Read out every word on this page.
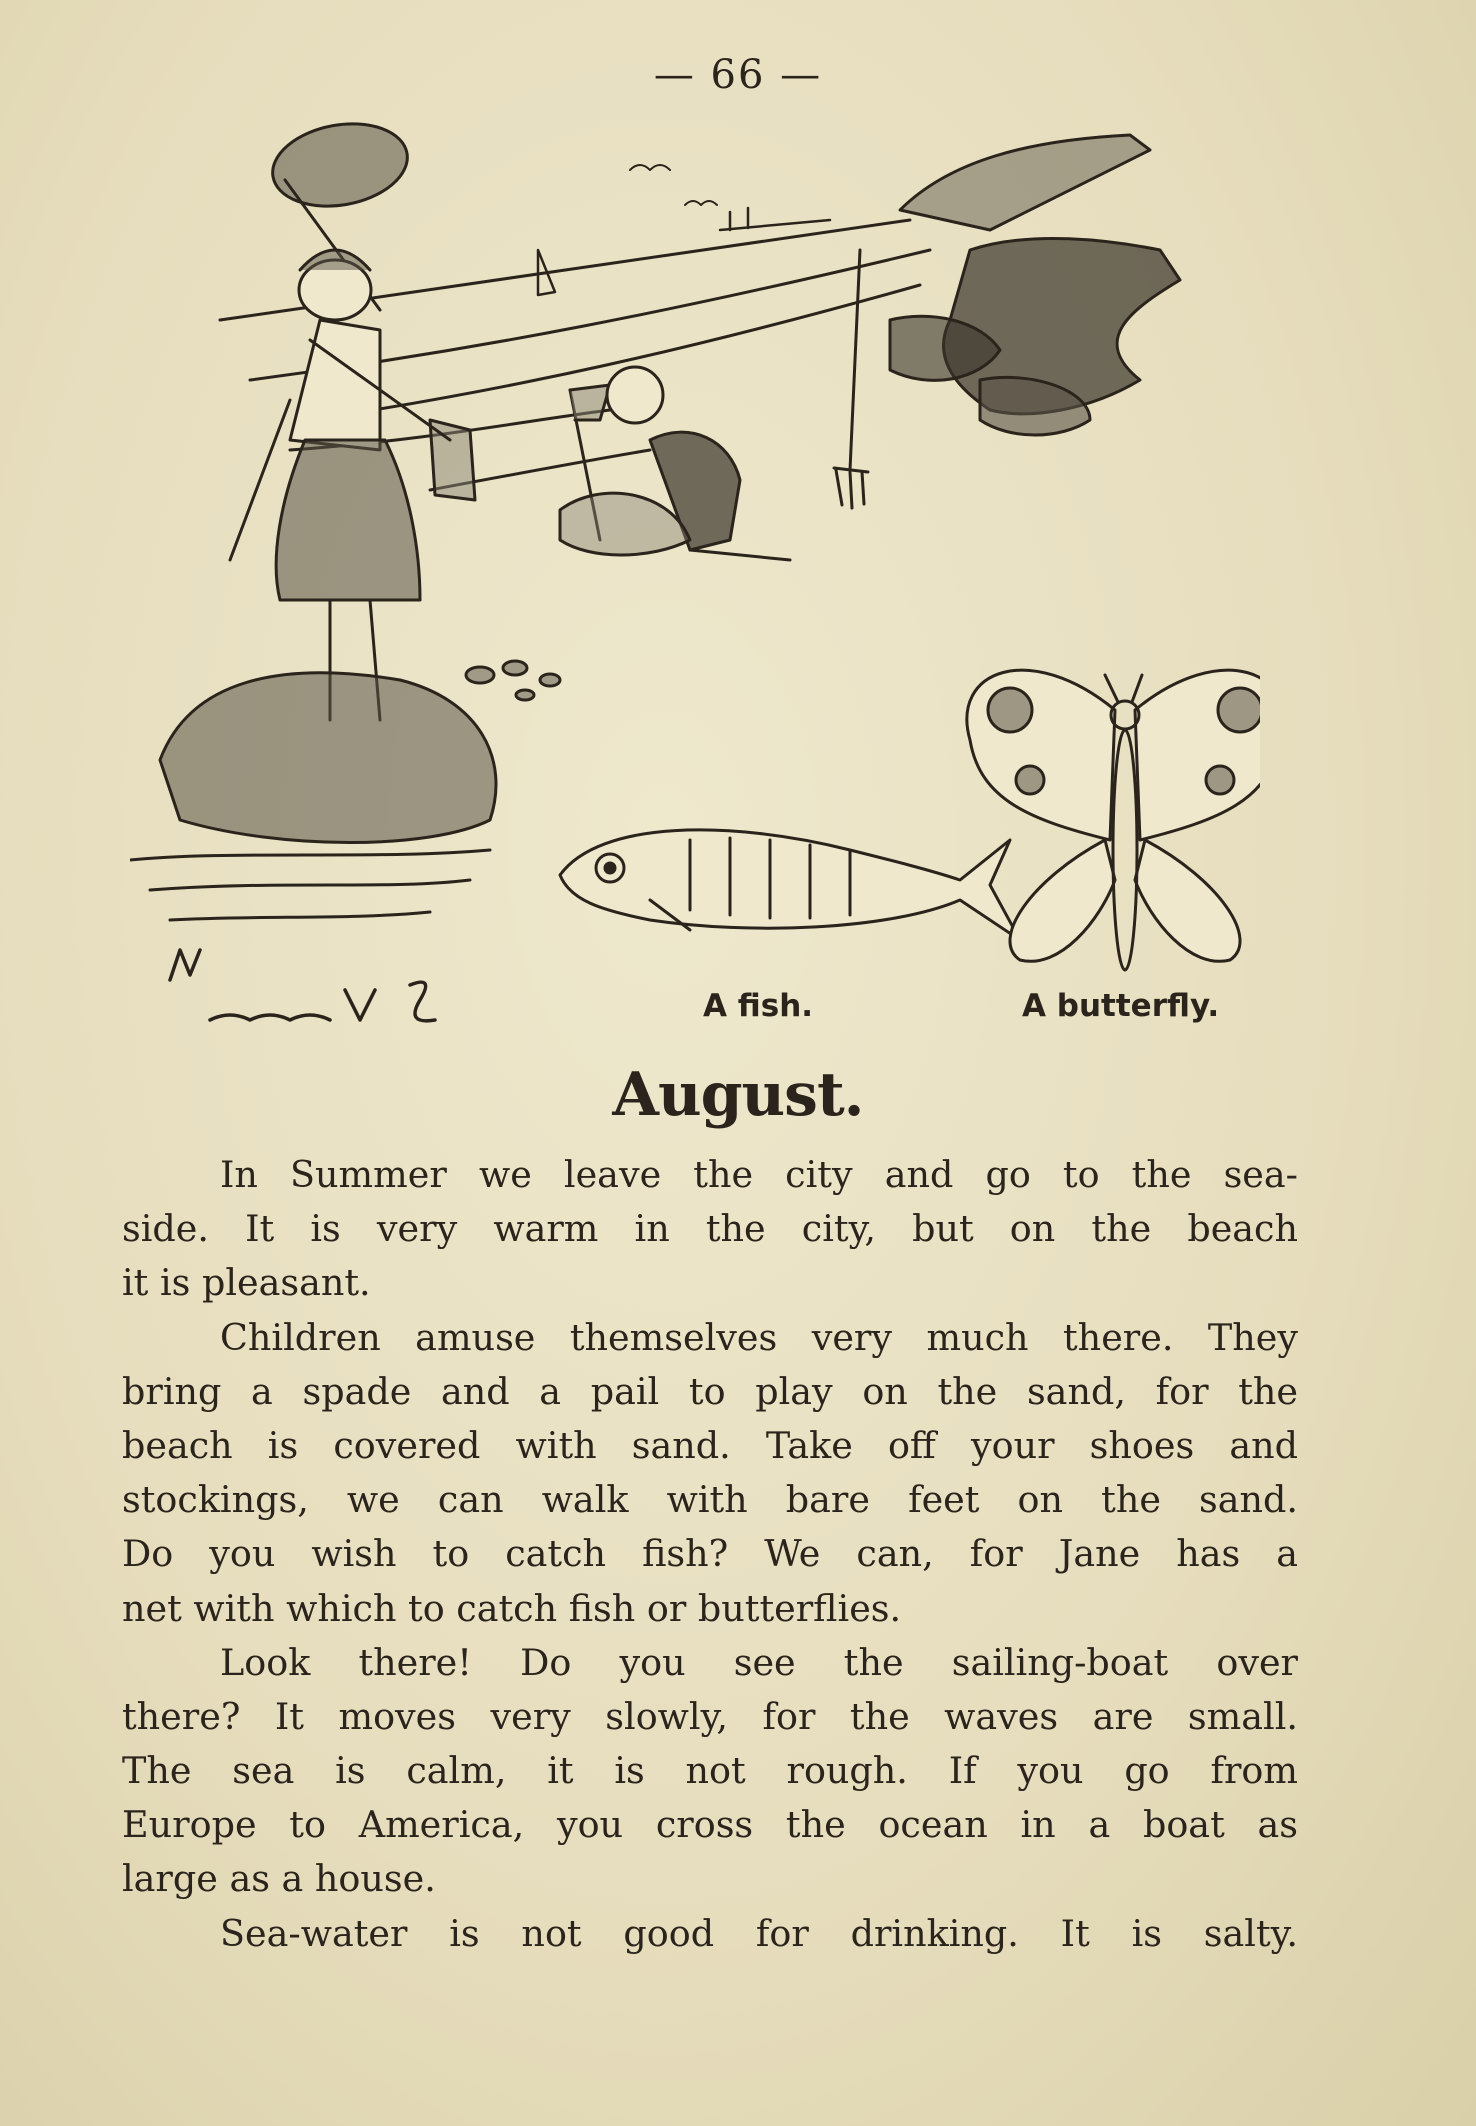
— 66 —
A fish.	A butterfly.
August.
In Summer we leave the city and go to the sea-
side. It is very warm in the city, but on the beach
it is pleasant.
Children amuse themselves very much there. They
bring a spade and a pail to play on the sand, for the
beach is covered with sand. Take off your shoes and
stockings, we can walk with bare feet on the sand.
Do you wish to catch fish? We can, for Jane has a
net with which to catch fish or butterflies.
Look there! Do you see the sailing-boat over
there? It moves very slowly, for the waves are small.
The sea is calm, it is not rough. If you go from
Europe to America, you cross the ocean in a boat as
large as a house.
Sea-water is not good for drinking. It is salty.
